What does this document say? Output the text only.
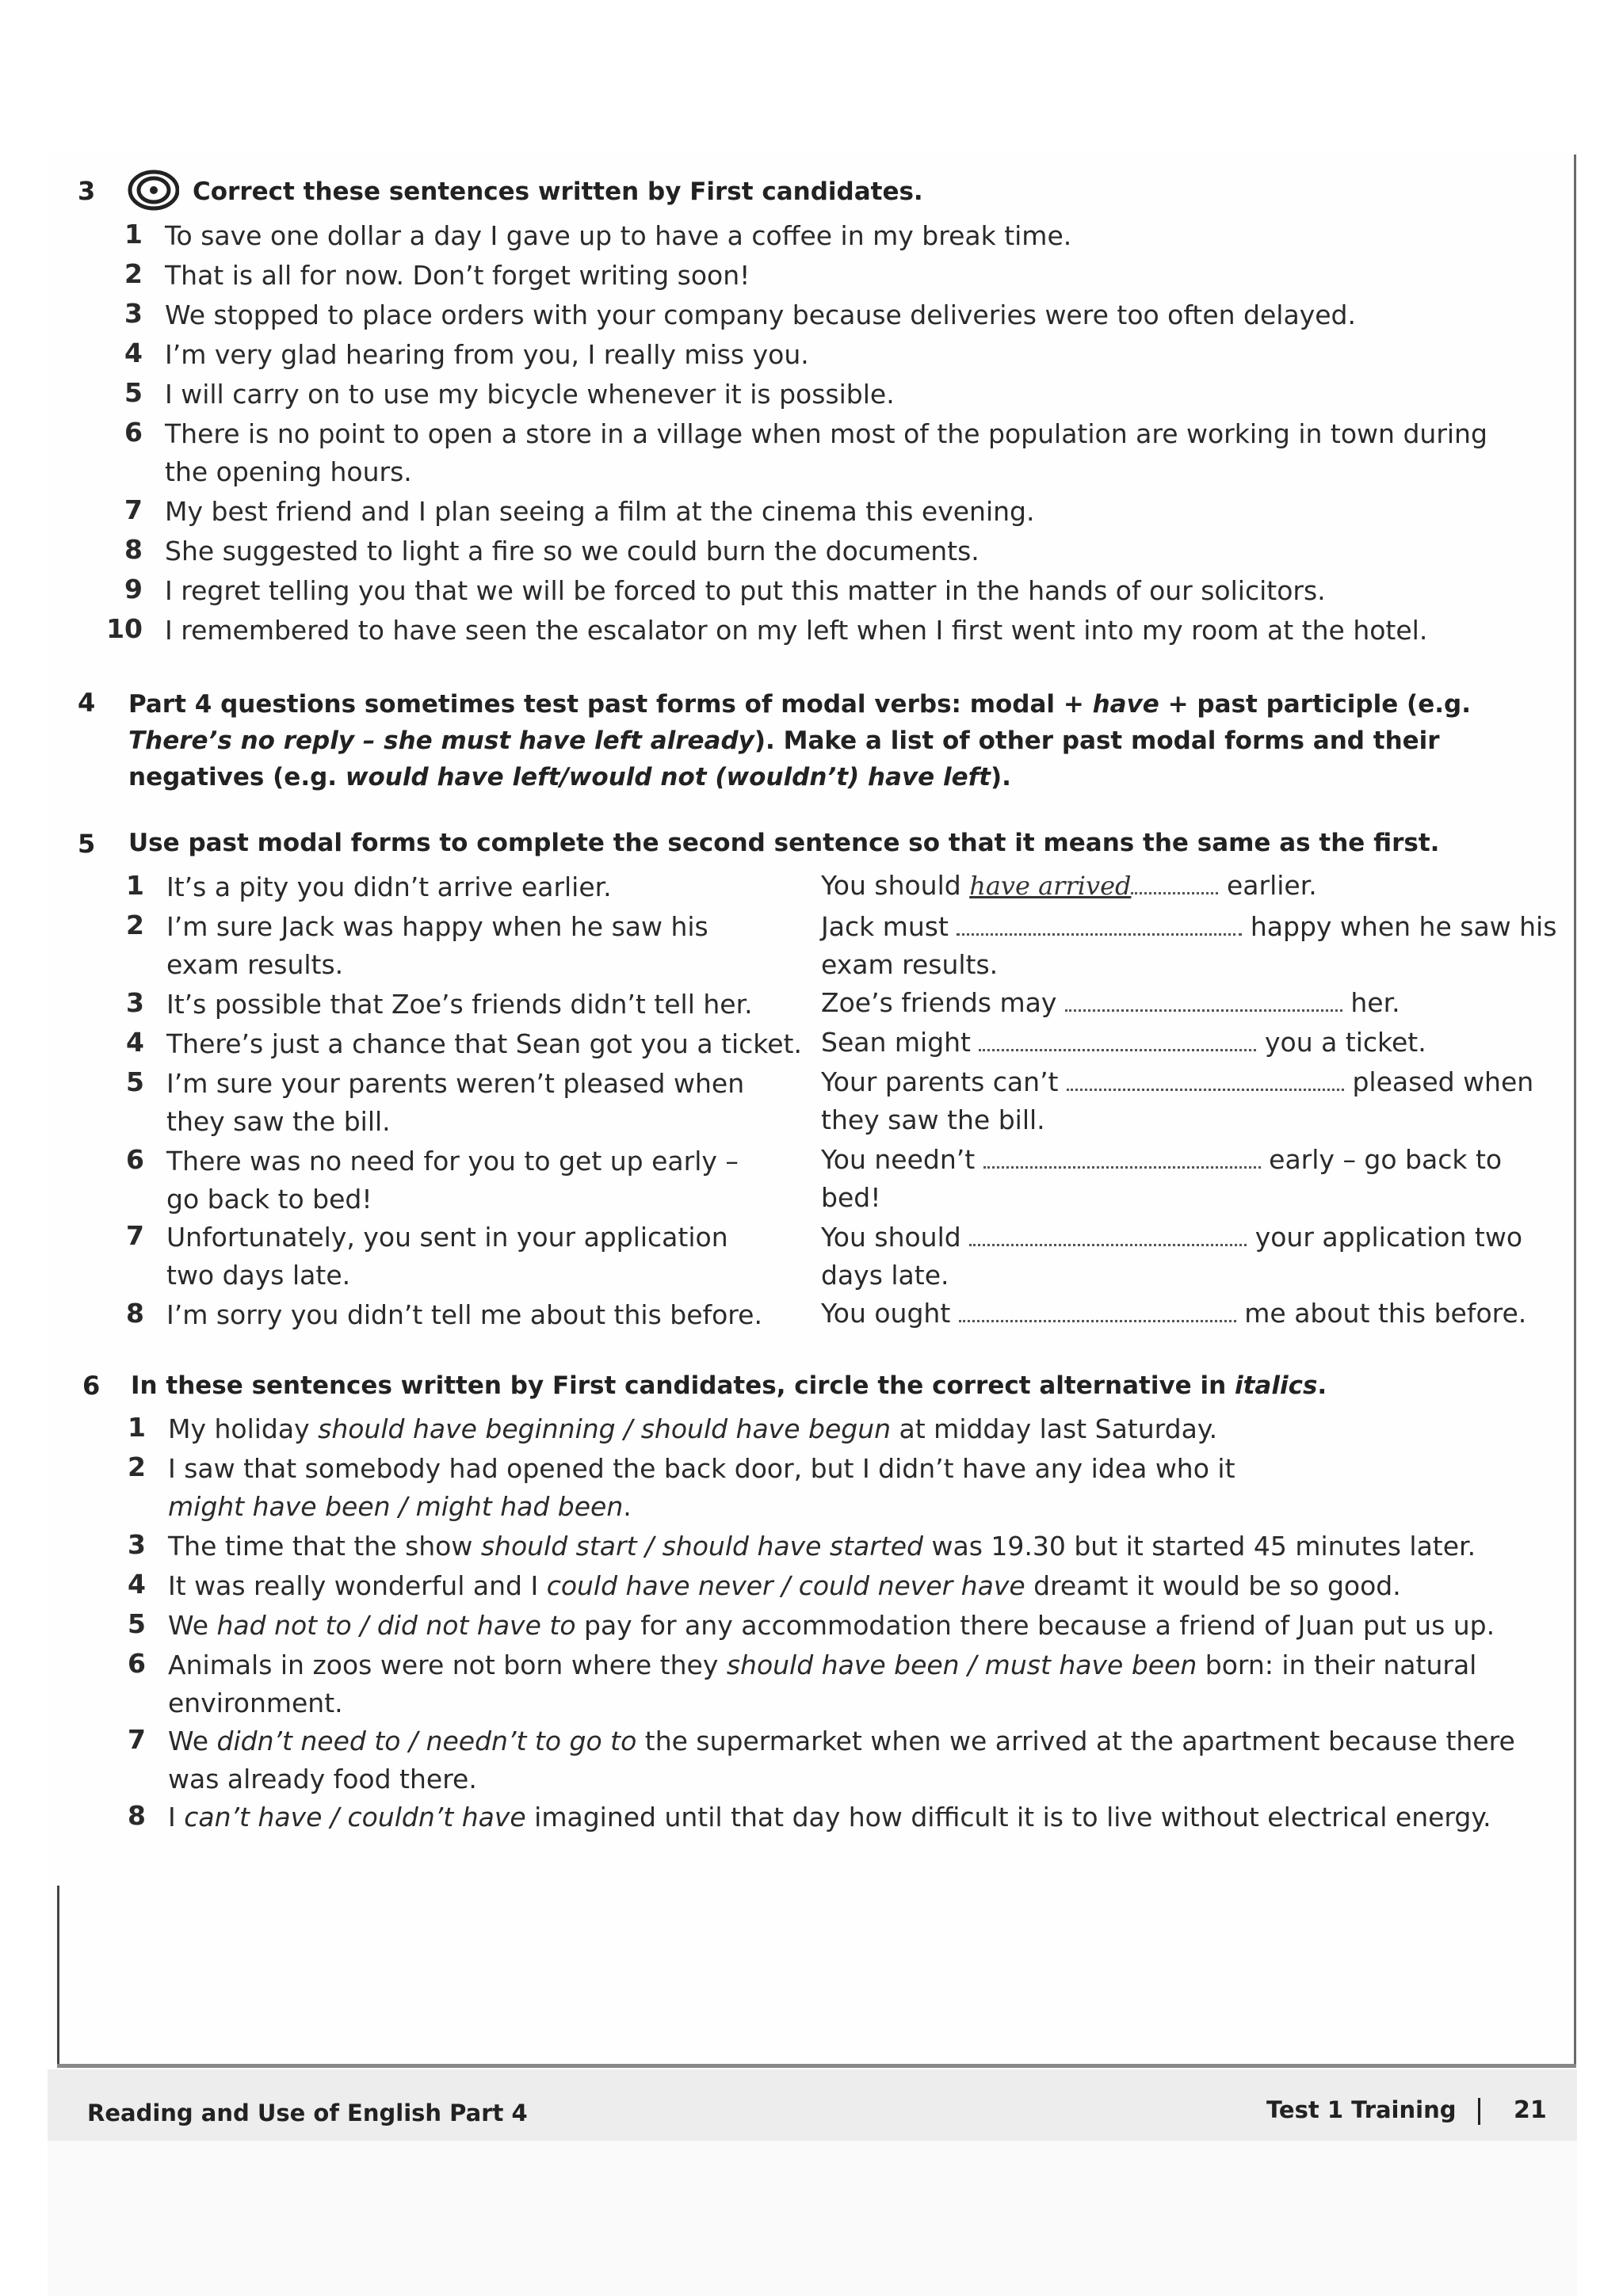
3	Correct these sentences written by First candidates.
1 To save one dollar a day I gave up to have a coffee in my break time.
2 That is all for now. Don’t forget writing soon!
3 We stopped to place orders with your company because deliveries were too often delayed.
4 I’m very glad hearing from you, I really miss you.
5 I will carry on to use my bicycle whenever it is possible.
6 There is no point to open a store in a village when most of the population are working in town during
the opening hours.
7 My best friend and I plan seeing a film at the cinema this evening.
8 She suggested to light a fire so we could burn the documents.
9 I regret telling you that we will be forced to put this matter in the hands of our solicitors.
10 I remembered to have seen the escalator on my left when I first went into my room at the hotel.
4 Part 4 questions sometimes test past forms of modal verbs: modal + have + past participle (e.g. There’s no reply – she must have left already). Make a list of other past modal forms and their negatives (e.g. would have left/would not (wouldn’t) have left).
5 Use past modal forms to complete the second sentence so that it means the same as the first.
1 It’s a pity you didn’t arrive earlier.	You should have arrived	earlier.
2 I’m sure Jack was happy when he saw his
exam results.
Jack must	happy when he saw his
exam results.
3 It’s possible that Zoe’s friends didn’t tell her.	Zoe’s friends may	her.
4 There’s just a chance that Sean got you a ticket. Sean might	you a ticket.
5 I’m sure your parents weren’t pleased when
they saw the bill.
Your parents can’t	pleased when
they saw the bill.
6 There was no need for you to get up early –
go back to bed!
You needn’t	early – go back to
bed!
7 Unfortunately, you sent in your application
two days late.
You should	your application two
days late.
8 I’m sorry you didn’t tell me about this before. You ought	me about this before.
6 In these sentences written by First candidates, circle the correct alternative in italics.
1 My holiday should have beginning / should have begun at midday last Saturday.
2 I saw that somebody had opened the back door, but I didn’t have any idea who it
might have been / might had been.
3 The time that the show should start / should have started was 19.30 but it started 45 minutes later.
4 It was really wonderful and I could have never / could never have dreamt it would be so good.
5 We had not to / did not have to pay for any accommodation there because a friend of Juan put us up.
6 Animals in zoos were not born where they should have been / must have been born: in their natural
environment.
7 We didn’t need to / needn’t to go to the supermarket when we arrived at the apartment because there
was already food there.
8 I can’t have / couldn’t have imagined until that day how difficult it is to live without electrical energy.
Reading and Use of English Part 4	Test 1 Training 21
